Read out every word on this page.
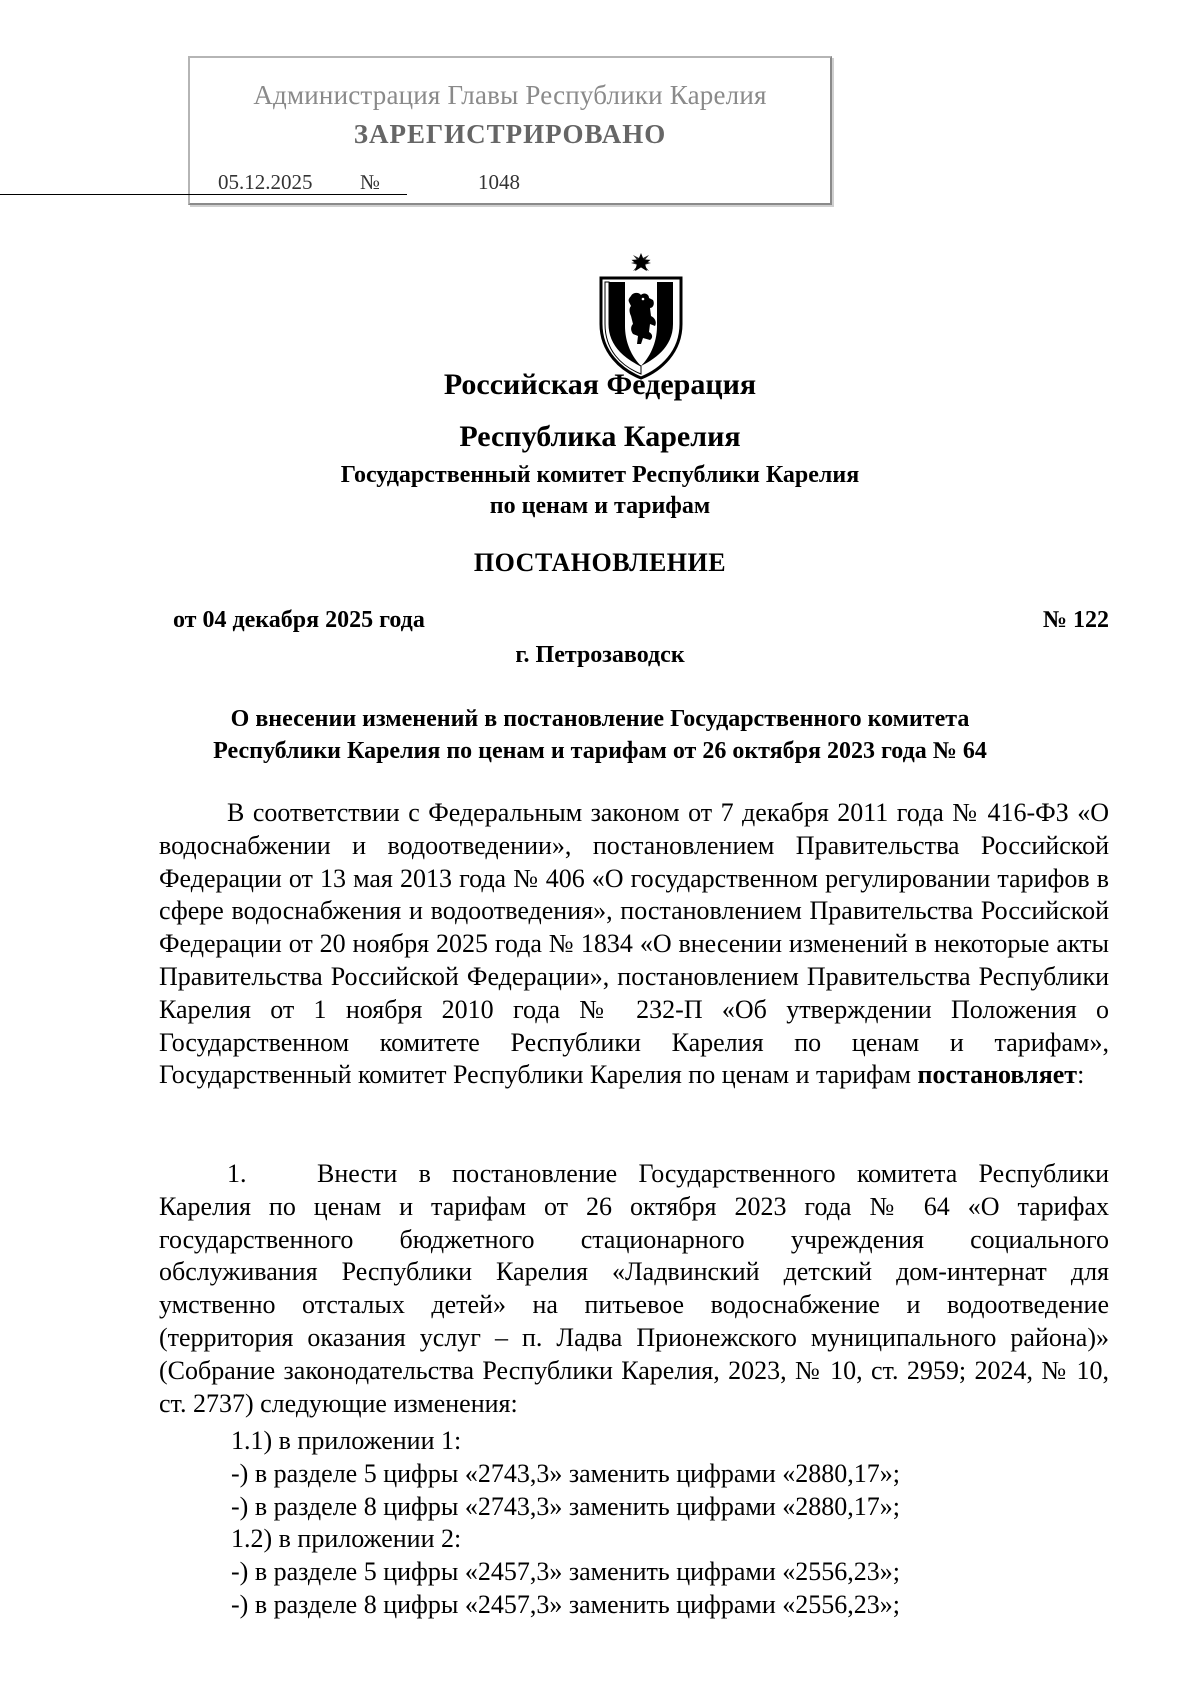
Администрация Главы Республики Карелия
ЗАРЕГИСТРИРОВАНО
05.12.2025 №	1048
Российская Федерация
Республика Карелия
Государственный комитет Республики Карелия
по ценам и тарифам
ПОСТАНОВЛЕНИЕ
от 04 декабря 2025 года	№ 122
г. Петрозаводск
О внесении изменений в постановление Государственного комитета
Республики Карелия по ценам и тарифам от 26 октября 2023 года № 64
В соответствии с Федеральным законом от 7 декабря 2011 года № 416-ФЗ «О водоснабжении и водоотведении», постановлением Правительства Российской Федерации от 13 мая 2013 года № 406 «О государственном регулировании тарифов в сфере водоснабжения и водоотведения», постановлением Правительства Российской Федерации от 20 ноября 2025 года № 1834 «О внесении изменений в некоторые акты Правительства Российской Федерации», постановлением Правительства Республики Карелия от 1 ноября 2010 года № 232-П «Об утверждении Положения о Государственном комитете Республики Карелия по ценам и тарифам», Государственный комитет Республики Карелия по ценам и тарифам постановляет:
1.	Внести в постановление Государственного комитета Республики Карелия по ценам и тарифам от 26 октября 2023 года № 64 «О тарифах государственного бюджетного стационарного учреждения социального обслуживания Республики Карелия «Ладвинский детский дом-интернат для умственно отсталых детей» на питьевое водоснабжение и водоотведение (территория оказания услуг – п. Ладва Прионежского муниципального района)» (Собрание законодательства Республики Карелия, 2023, № 10, ст. 2959; 2024, № 10, ст. 2737) следующие изменения:
1.1) в приложении 1:
-) в разделе 5 цифры «2743,3» заменить цифрами «2880,17»;
-) в разделе 8 цифры «2743,3» заменить цифрами «2880,17»;
1.2) в приложении 2:
-) в разделе 5 цифры «2457,3» заменить цифрами «2556,23»;
-) в разделе 8 цифры «2457,3» заменить цифрами «2556,23»;
